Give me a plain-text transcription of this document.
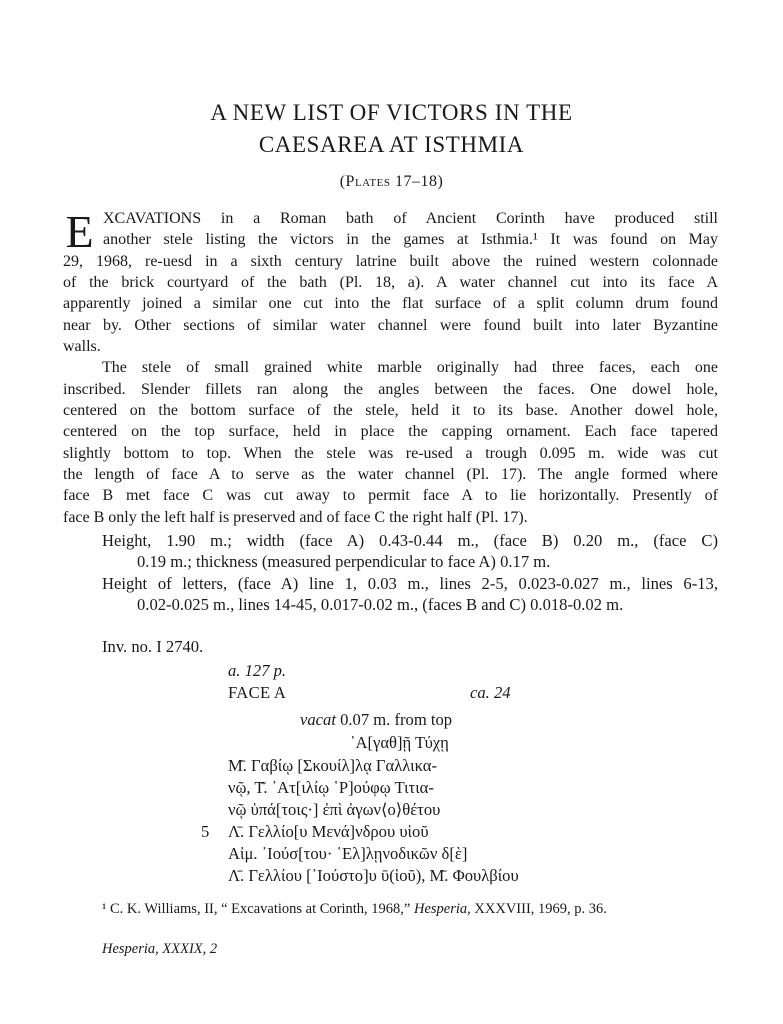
A NEW LIST OF VICTORS IN THE
CAESAREA AT ISTHMIA
(Plates 17–18)
E XCAVATIONS in a Roman bath of Ancient Corinth have produced still
another stele listing the victors in the games at Isthmia.¹ It was found on May
29, 1968, re-uesd in a sixth century latrine built above the ruined western colonnade
of the brick courtyard of the bath (Pl. 18, a). A water channel cut into its face A
apparently joined a similar one cut into the flat surface of a split column drum found
near by. Other sections of similar water channel were found built into later Byzantine
walls.
The stele of small grained white marble originally had three faces, each one
inscribed. Slender fillets ran along the angles between the faces. One dowel hole,
centered on the bottom surface of the stele, held it to its base. Another dowel hole,
centered on the top surface, held in place the capping ornament. Each face tapered
slightly bottom to top. When the stele was re-used a trough 0.095 m. wide was cut
the length of face A to serve as the water channel (Pl. 17). The angle formed where
face B met face C was cut away to permit face A to lie horizontally. Presently of
face B only the left half is preserved and of face C the right half (Pl. 17).
Height, 1.90 m.; width (face A) 0.43-0.44 m., (face B) 0.20 m., (face C)
0.19 m.; thickness (measured perpendicular to face A) 0.17 m.
Height of letters, (face A) line 1, 0.03 m., lines 2-5, 0.023-0.027 m., lines 6-13,
0.02-0.025 m., lines 14-45, 0.017-0.02 m., (faces B and C) 0.018-0.02 m.
Inv. no. I 2740.
a. 127 p.
FACE A	ca. 24
vacat 0.07 m. from top
᾿Α[γαθ]ῇ Τύχῃ
Μ̄. Γαβίῳ [Σκουίλ]λᾳ Γαλλικα-
νῷ, Τ̄. ᾿Ατ[ιλίῳ ῾Ρ]ούφῳ Τιτια-
νῷ ὑπά[τοις·] ἐπὶ ἀγων⟨ο⟩θέτου
5 Λ̄. Γελλίο[υ Μενά]νδρου υἱοῦ
Αἰμ. ᾿Ιούσ[του· ῾Ελ]λῃνοδικῶν δ[ὲ]
Λ̄. Γελλίου [᾿Ιούστο]υ ῡ(ἱοῦ), Μ̄. Φουλβίου
¹ C. K. Williams, II, “ Excavations at Corinth, 1968,” Hesperia, XXXVIII, 1969, p. 36.
Hesperia, XXXIX, 2
